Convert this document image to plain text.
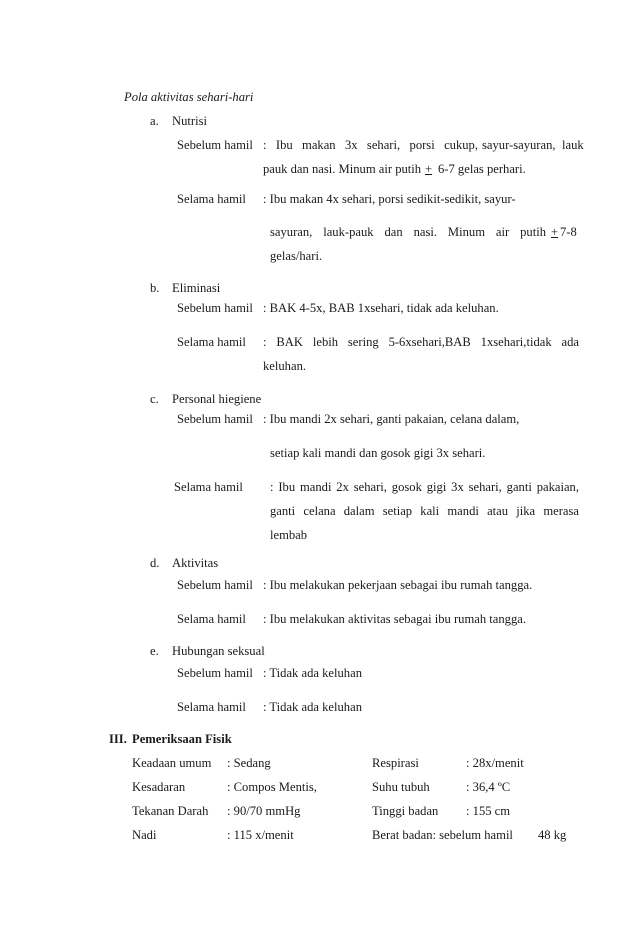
Pola aktivitas sehari-hari
a. Nutrisi
Sebelum hamil : Ibu makan 3x sehari, porsi cukup, sayur-sayuran, lauk
pauk dan nasi. Minum air putih + 6-7 gelas perhari.
Selama hamil : Ibu makan 4x sehari, porsi sedikit-sedikit, sayur-
sayuran, lauk-pauk dan nasi. Minum air putih + 7-8
gelas/hari.
b. Eliminasi
Sebelum hamil : BAK 4-5x, BAB 1xsehari, tidak ada keluhan.
Selama hamil : BAK lebih sering 5-6xsehari,BAB 1xsehari,tidak ada
keluhan.
c. Personal hiegiene
Sebelum hamil : Ibu mandi 2x sehari, ganti pakaian, celana dalam,
setiap kali mandi dan gosok gigi 3x sehari.
Selama hamil : Ibu mandi 2x sehari, gosok gigi 3x sehari, ganti pakaian,
ganti celana dalam setiap kali mandi atau jika merasa
lembab
d. Aktivitas
Sebelum hamil : Ibu melakukan pekerjaan sebagai ibu rumah tangga.
Selama hamil : Ibu melakukan aktivitas sebagai ibu rumah tangga.
e. Hubungan seksual
Sebelum hamil : Tidak ada keluhan
Selama hamil : Tidak ada keluhan
III. Pemeriksaan Fisik
Keadaan umum : Sedang	Respirasi	: 28x/menit
Kesadaran	: Compos Mentis,	Suhu tubuh	: 36,4 ºC
Tekanan Darah : 90/70 mmHg	Tinggi badan : 155 cm
Nadi	: 115 x/menit	Berat badan: sebelum hamil 48 kg
